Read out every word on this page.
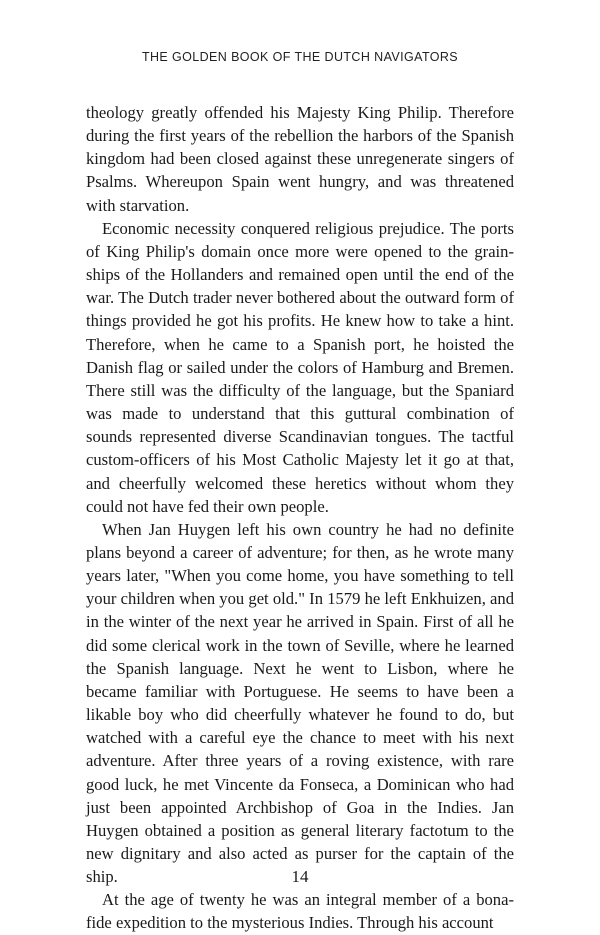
THE GOLDEN BOOK OF THE DUTCH NAVIGATORS

theology greatly offended his Majesty King Philip. Therefore during the first years of the rebellion the harbors of the Spanish kingdom had been closed against these unregenerate singers of Psalms. Whereupon Spain went hungry, and was threatened with starvation.

Economic necessity conquered religious prejudice. The ports of King Philip's domain once more were opened to the grain-ships of the Hollanders and remained open until the end of the war. The Dutch trader never bothered about the outward form of things provided he got his profits. He knew how to take a hint. Therefore, when he came to a Spanish port, he hoisted the Danish flag or sailed under the colors of Hamburg and Bremen. There still was the difficulty of the language, but the Spaniard was made to understand that this guttural combination of sounds represented diverse Scandinavian tongues. The tactful custom-officers of his Most Catholic Majesty let it go at that, and cheerfully welcomed these heretics without whom they could not have fed their own people.

When Jan Huygen left his own country he had no definite plans beyond a career of adventure; for then, as he wrote many years later, "When you come home, you have something to tell your children when you get old." In 1579 he left Enkhuizen, and in the winter of the next year he arrived in Spain. First of all he did some clerical work in the town of Seville, where he learned the Spanish language. Next he went to Lisbon, where he became familiar with Portuguese. He seems to have been a likable boy who did cheerfully whatever he found to do, but watched with a careful eye the chance to meet with his next adventure. After three years of a roving existence, with rare good luck, he met Vincente da Fonseca, a Dominican who had just been appointed Archbishop of Goa in the Indies. Jan Huygen obtained a position as general literary factotum to the new dignitary and also acted as purser for the captain of the ship.

At the age of twenty he was an integral member of a bona-fide expedition to the mysterious Indies. Through his account

14
